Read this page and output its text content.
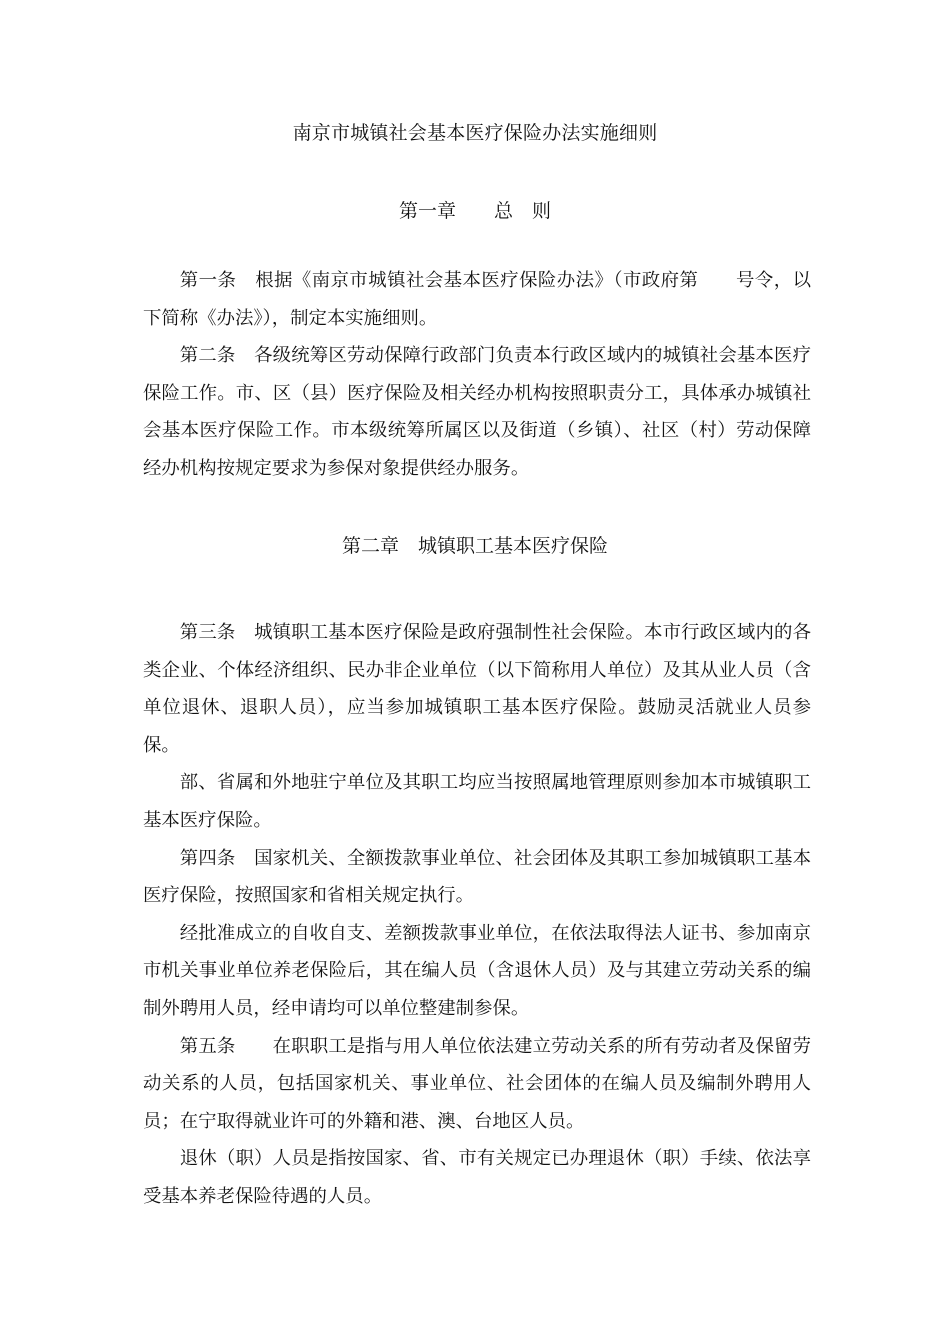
南京市城镇社会基本医疗保险办法实施细则
第一章　　总　则

第一条　根据《南京市城镇社会基本医疗保险办法》（市政府第　　号令，以下简称《办法》），制定本实施细则。

第二条　各级统筹区劳动保障行政部门负责本行政区域内的城镇社会基本医疗保险工作。市、区（县）医疗保险及相关经办机构按照职责分工，具体承办城镇社会基本医疗保险工作。市本级统筹所属区以及街道（乡镇）、社区（村）劳动保障经办机构按规定要求为参保对象提供经办服务。

第二章　城镇职工基本医疗保险

第三条　城镇职工基本医疗保险是政府强制性社会保险。本市行政区域内的各类企业、个体经济组织、民办非企业单位（以下简称用人单位）及其从业人员（含单位退休、退职人员），应当参加城镇职工基本医疗保险。鼓励灵活就业人员参保。

部、省属和外地驻宁单位及其职工均应当按照属地管理原则参加本市城镇职工基本医疗保险。

第四条　国家机关、全额拨款事业单位、社会团体及其职工参加城镇职工基本医疗保险，按照国家和省相关规定执行。

经批准成立的自收自支、差额拨款事业单位，在依法取得法人证书、参加南京市机关事业单位养老保险后，其在编人员（含退休人员）及与其建立劳动关系的编制外聘用人员，经申请均可以单位整建制参保。

第五条　　在职职工是指与用人单位依法建立劳动关系的所有劳动者及保留劳动关系的人员，包括国家机关、事业单位、社会团体的在编人员及编制外聘用人员；在宁取得就业许可的外籍和港、澳、台地区人员。

退休（职）人员是指按国家、省、市有关规定已办理退休（职）手续、依法享受基本养老保险待遇的人员。
